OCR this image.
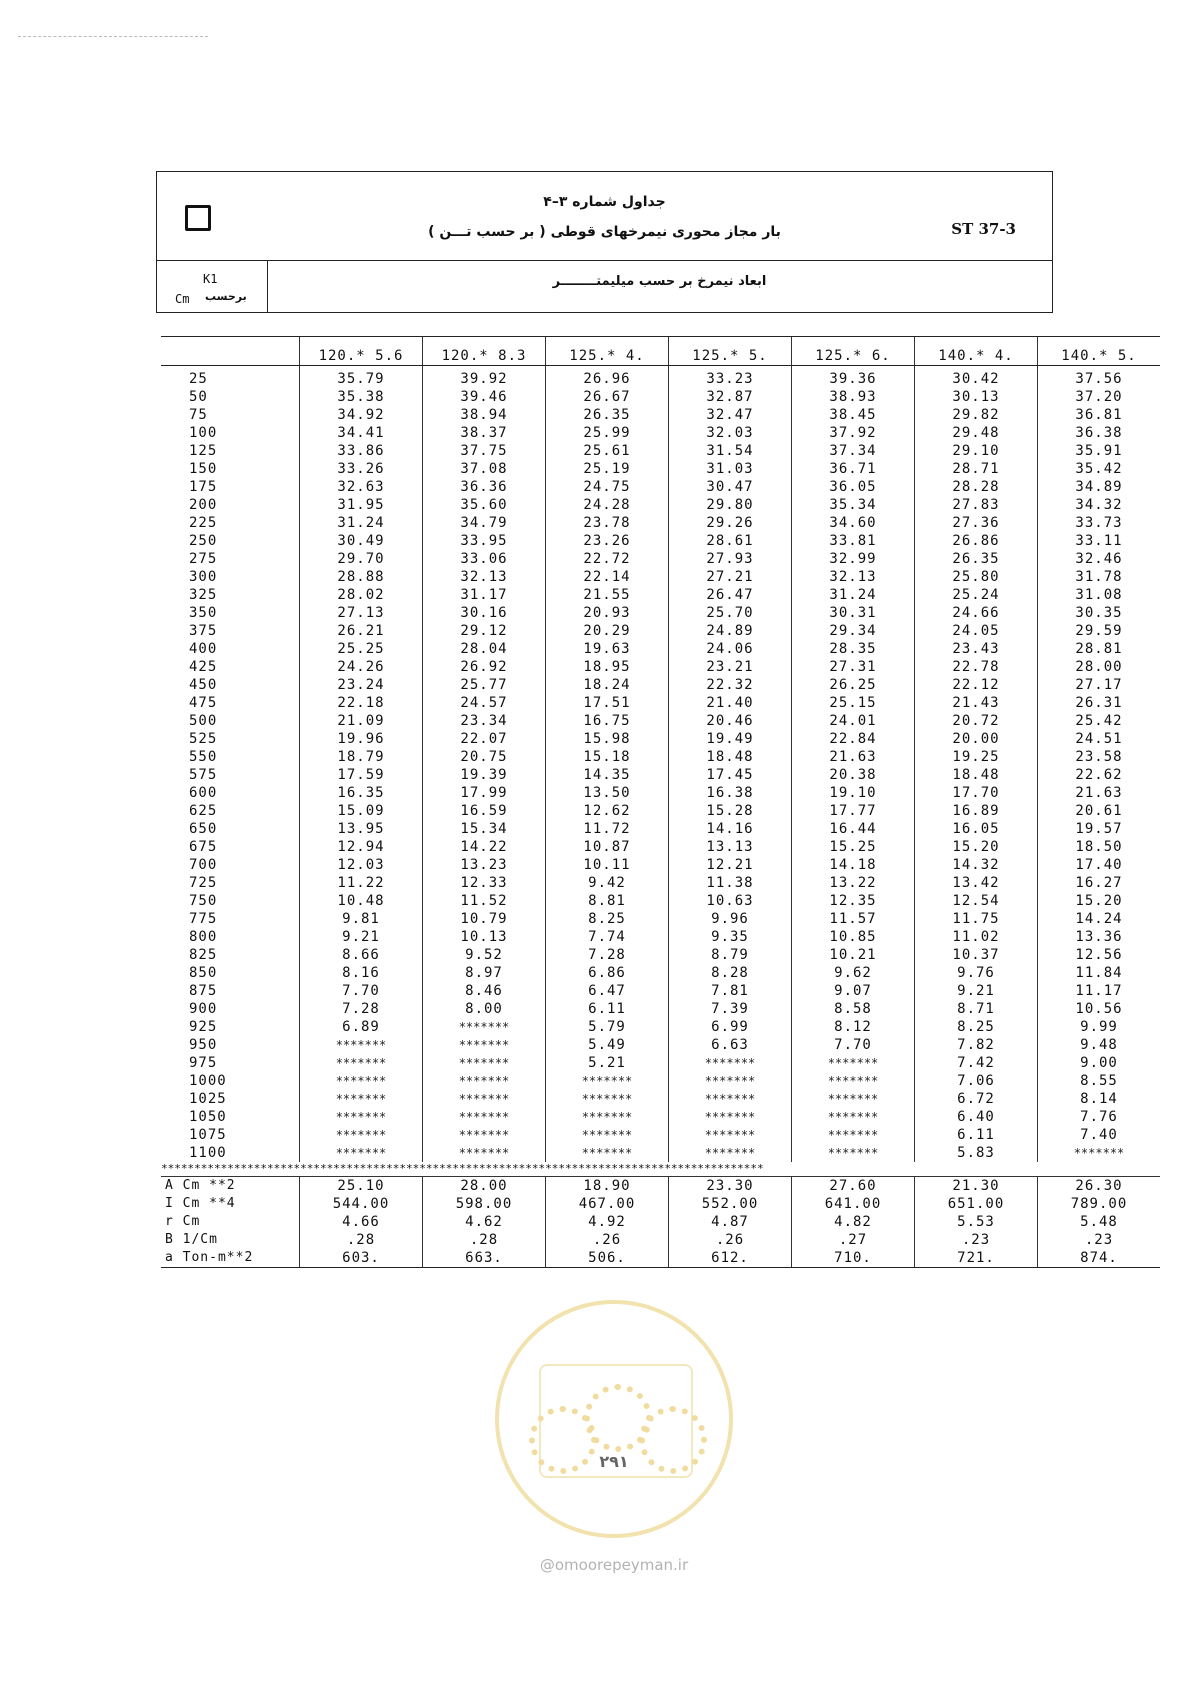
جداول شماره ۳–۴
بار مجاز محوری نیمرخهای قوطی ( بر حسب تـــن )	ST 37-3
K1
Cm برحسب
ابعاد نیمرخ بر حسب میلیمتــــــــر
	120.* 5.6	120.* 8.3	125.* 4.	125.* 5.	125.* 6.	140.* 4.	140.* 5.
25	35.79	39.92	26.96	33.23	39.36	30.42	37.56
50	35.38	39.46	26.67	32.87	38.93	30.13	37.20
75	34.92	38.94	26.35	32.47	38.45	29.82	36.81
100	34.41	38.37	25.99	32.03	37.92	29.48	36.38
125	33.86	37.75	25.61	31.54	37.34	29.10	35.91
150	33.26	37.08	25.19	31.03	36.71	28.71	35.42
175	32.63	36.36	24.75	30.47	36.05	28.28	34.89
200	31.95	35.60	24.28	29.80	35.34	27.83	34.32
225	31.24	34.79	23.78	29.26	34.60	27.36	33.73
250	30.49	33.95	23.26	28.61	33.81	26.86	33.11
275	29.70	33.06	22.72	27.93	32.99	26.35	32.46
300	28.88	32.13	22.14	27.21	32.13	25.80	31.78
325	28.02	31.17	21.55	26.47	31.24	25.24	31.08
350	27.13	30.16	20.93	25.70	30.31	24.66	30.35
375	26.21	29.12	20.29	24.89	29.34	24.05	29.59
400	25.25	28.04	19.63	24.06	28.35	23.43	28.81
425	24.26	26.92	18.95	23.21	27.31	22.78	28.00
450	23.24	25.77	18.24	22.32	26.25	22.12	27.17
475	22.18	24.57	17.51	21.40	25.15	21.43	26.31
500	21.09	23.34	16.75	20.46	24.01	20.72	25.42
525	19.96	22.07	15.98	19.49	22.84	20.00	24.51
550	18.79	20.75	15.18	18.48	21.63	19.25	23.58
575	17.59	19.39	14.35	17.45	20.38	18.48	22.62
600	16.35	17.99	13.50	16.38	19.10	17.70	21.63
625	15.09	16.59	12.62	15.28	17.77	16.89	20.61
650	13.95	15.34	11.72	14.16	16.44	16.05	19.57
675	12.94	14.22	10.87	13.13	15.25	15.20	18.50
700	12.03	13.23	10.11	12.21	14.18	14.32	17.40
725	11.22	12.33	9.42	11.38	13.22	13.42	16.27
750	10.48	11.52	8.81	10.63	12.35	12.54	15.20
775	9.81	10.79	8.25	9.96	11.57	11.75	14.24
800	9.21	10.13	7.74	9.35	10.85	11.02	13.36
825	8.66	9.52	7.28	8.79	10.21	10.37	12.56
850	8.16	8.97	6.86	8.28	9.62	9.76	11.84
875	7.70	8.46	6.47	7.81	9.07	9.21	11.17
900	7.28	8.00	6.11	7.39	8.58	8.71	10.56
925	6.89	*******	5.79	6.99	8.12	8.25	9.99
950	*******	*******	5.49	6.63	7.70	7.82	9.48
975	*******	*******	5.21	*******	*******	7.42	9.00
1000	*******	*******	*******	*******	*******	7.06	8.55
1025	*******	*******	*******	*******	*******	6.72	8.14
1050	*******	*******	*******	*******	*******	6.40	7.76
1075	*******	*******	*******	*******	*******	6.11	7.40
1100	*******	*******	*******	*******	*******	5.83	*******
*******************************************************************************************							
A Cm **2	25.10	28.00	18.90	23.30	27.60	21.30	26.30
I Cm **4	544.00	598.00	467.00	552.00	641.00	651.00	789.00
r Cm	4.66	4.62	4.92	4.87	4.82	5.53	5.48
B 1/Cm	.28	.28	.26	.26	.27	.23	.23
a Ton-m**2	603.	663.	506.	612.	710.	721.	874.
۲۹۱
@omoorepeyman.ir
